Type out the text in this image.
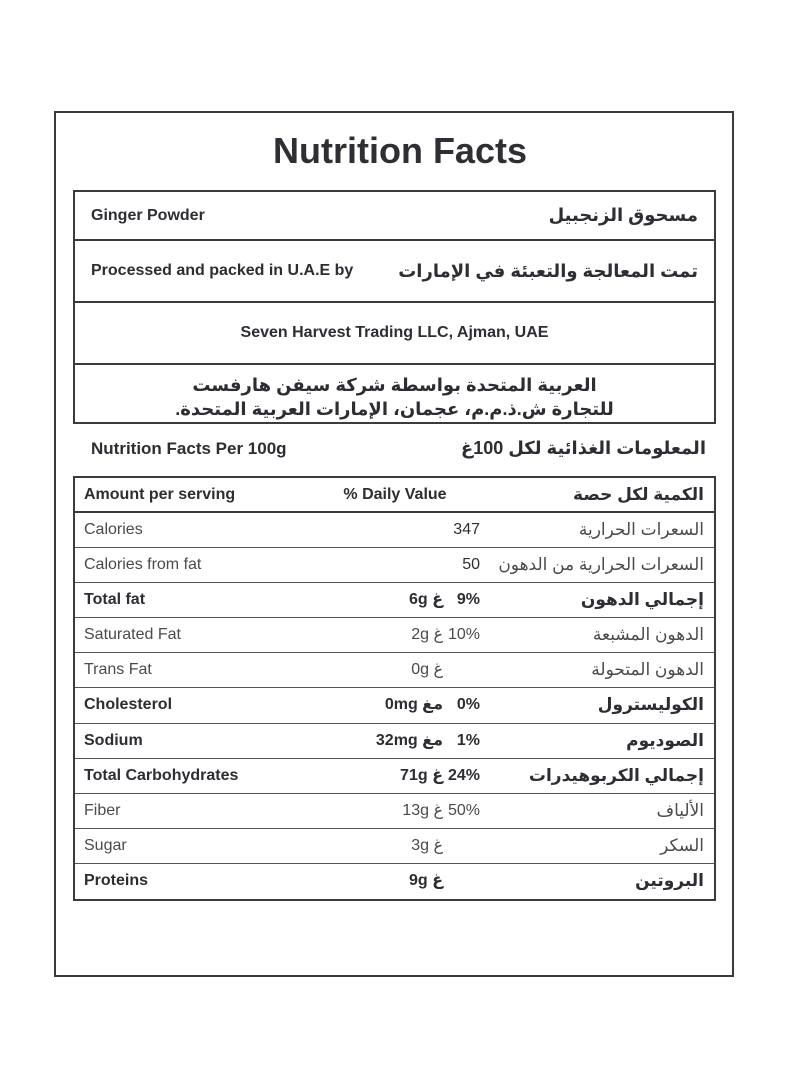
Nutrition Facts
Ginger Powder	مسحوق الزنجبيل
Processed and packed in U.A.E by تمت المعالجة والتعبئة في الإمارات
Seven Harvest Trading LLC, Ajman, UAE
العربية المتحدة بواسطة شركة سيفن هارفست
للتجارة ش.ذ.م.م، عجمان، الإمارات العربية المتحدة.
Nutrition Facts Per 100g	المعلومات الغذائية لكل 100غ
Amount per serving	% Daily Value	الكمية لكل حصة
Calories	347	السعرات الحرارية
Calories from fat	50 السعرات الحرارية من الدهون
Total fat	6g غ 9%	إجمالي الدهون
Saturated Fat	2g غ 10%	الدهون المشبعة
Trans Fat	0g غ	الدهون المتحولة
Cholesterol	0mg مغ 0%	الكوليسترول
Sodium	32mg مغ 1%	الصوديوم
Total Carbohydrates	71g غ 24%	إجمالي الكربوهيدرات
Fiber	13g غ 50%	الألياف
Sugar	3g غ	السكر
Proteins	9g غ	البروتين
